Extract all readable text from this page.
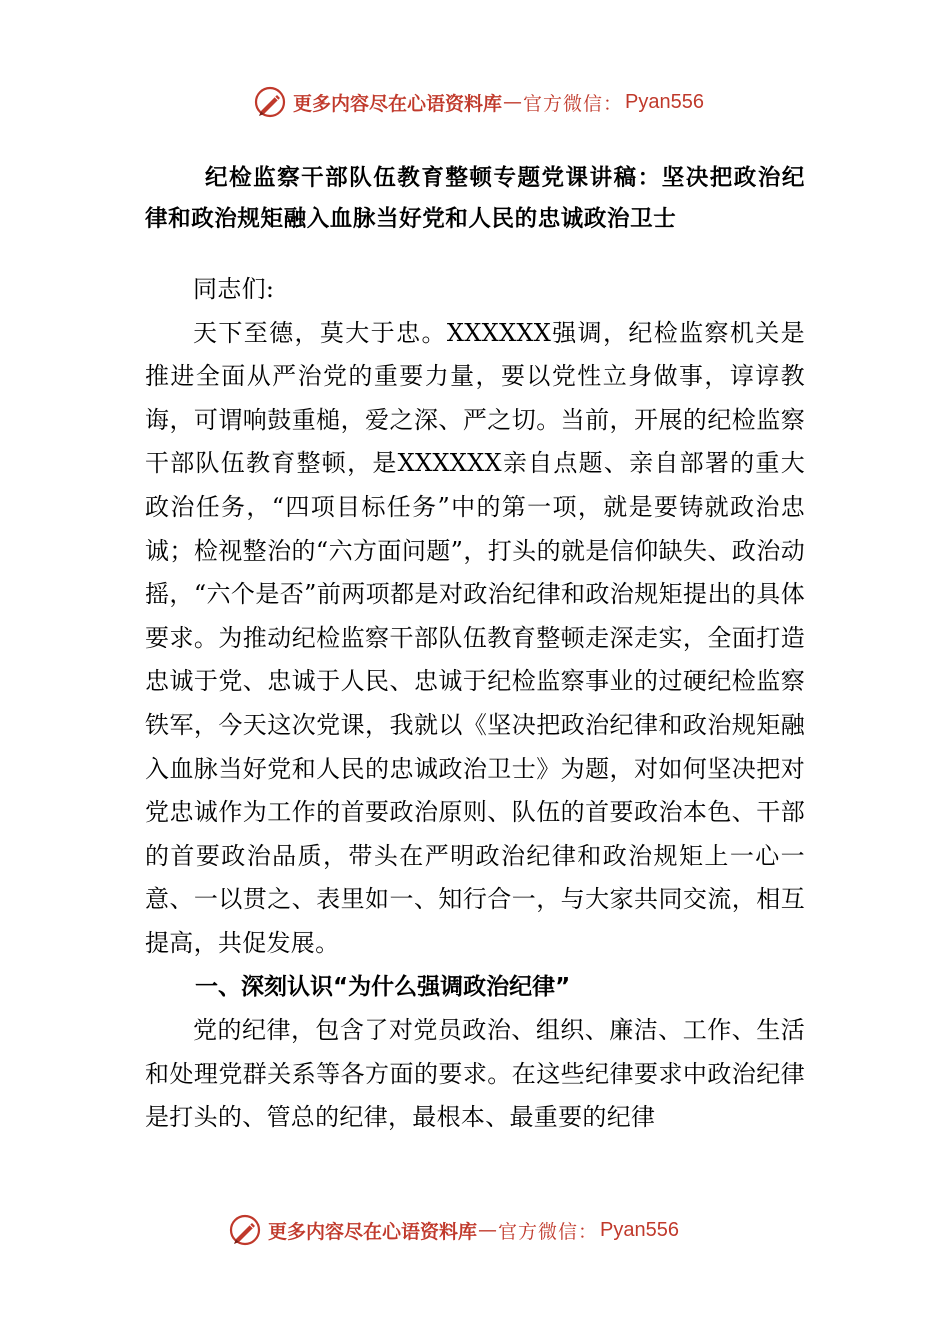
更多内容尽在心语资料库 — 官方微信： Pyan556
纪检监察干部队伍教育整顿专题党课讲稿：坚决把政治纪律和政治规矩融入血脉当好党和人民的忠诚政治卫士

同志们:

天下至德，莫大于忠。XXXXXX强调，纪检监察机关是推进全面从严治党的重要力量，要以党性立身做事，谆谆教诲，可谓响鼓重槌，爱之深、严之切。当前，开展的纪检监察干部队伍教育整顿，是XXXXXX亲自点题、亲自部署的重大政治任务，“四项目标任务”中的第一项，就是要铸就政治忠诚；检视整治的“六方面问题”，打头的就是信仰缺失、政治动摇，“六个是否”前两项都是对政治纪律和政治规矩提出的具体要求。为推动纪检监察干部队伍教育整顿走深走实，全面打造忠诚于党、忠诚于人民、忠诚于纪检监察事业的过硬纪检监察铁军，今天这次党课，我就以《坚决把政治纪律和政治规矩融入血脉当好党和人民的忠诚政治卫士》为题，对如何坚决把对党忠诚作为工作的首要政治原则、队伍的首要政治本色、干部的首要政治品质，带头在严明政治纪律和政治规矩上一心一意、一以贯之、表里如一、知行合一，与大家共同交流，相互提高，共促发展。

一、深刻认识“为什么强调政治纪律”

党的纪律，包含了对党员政治、组织、廉洁、工作、生活和处理党群关系等各方面的要求。在这些纪律要求中政治纪律是打头的、管总的纪律，最根本、最重要的纪律

更多内容尽在心语资料库 — 官方微信： Pyan556
